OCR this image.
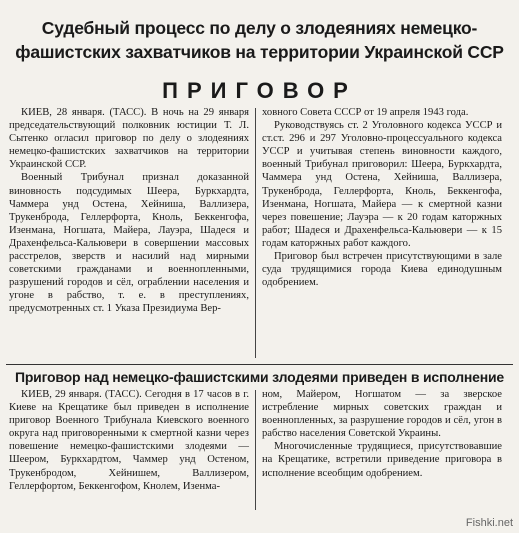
Судебный процесс по делу о злодеяниях немецко-фашистских захватчиков на территории Украинской ССР
ПРИГОВОР

КИЕВ, 28 января. (ТАСС). В ночь на 29 января председательствующий полковник юстиции Т. Л. Сытенко огласил приговор по делу о злодеяниях немецко-фашистских захватчиков на территории Украинской ССР.

Военный Трибунал признал доказанной виновность подсудимых Шеера, Буркхардта, Чаммера унд Остена, Хейнишa, Валлизера, Трукенброда, Геллерфорта, Кноль, Беккенгофа, Изенмана, Ногшата, Майера, Лауэра, Шадеся и Драхенфельса-Кальювери в совершении массовых расстрелов, зверств и насилий над мирными советскими гражданами и военнопленными, разрушений городов и сёл, ограблении населения и угоне в рабство, т. е. в преступлениях, предусмотренных ст. 1 Указа Президиума Вер-

ховного Совета СССР от 19 апреля 1943 года.

Руководствуясь ст. 2 Уголовного кодекса УССР и ст.ст. 296 и 297 Уголовно-процессуального кодекса УССР и учитывая степень виновности каждого, военный Трибунал приговорил: Шеера, Буркхардта, Чаммера унд Остена, Хейнишa, Валлизера, Трукенброда, Геллерфорта, Кноль, Беккенгофа, Изенмана, Ногшата, Майера — к смертной казни через повешение; Лауэра — к 20 годам каторжных работ; Шадеся и Драхенфельса-Кальювери — к 15 годам каторжных работ каждого.

Приговор был встречен присутствующими в зале суда трудящимися города Киева единодушным одобрением.

Приговор над немецко-фашистскими злодеями приведен в исполнение

КИЕВ, 29 января. (ТАСС). Сегодня в 17 часов в г. Киеве на Крещатике был приведен в исполнение приговор Военного Трибунала Киевского военного округа над приговоренными к смертной казни через повешение немецко-фашистскими злодеями — Шеером, Буркхардтом, Чаммер унд Остеном, Трукенбродом, Хейнишем, Валлизером, Геллерфортом, Беккенгофом, Кнолем, Изенма-

ном, Майером, Ногшатом — за зверское истребление мирных советских граждан и военнопленных, за разрушение городов и сёл, угон в рабство населения Советской Украины.

Многочисленные трудящиеся, присутствовавшие на Крещатике, встретили приведение приговора в исполнение всеобщим одобрением.

Fishki.net
